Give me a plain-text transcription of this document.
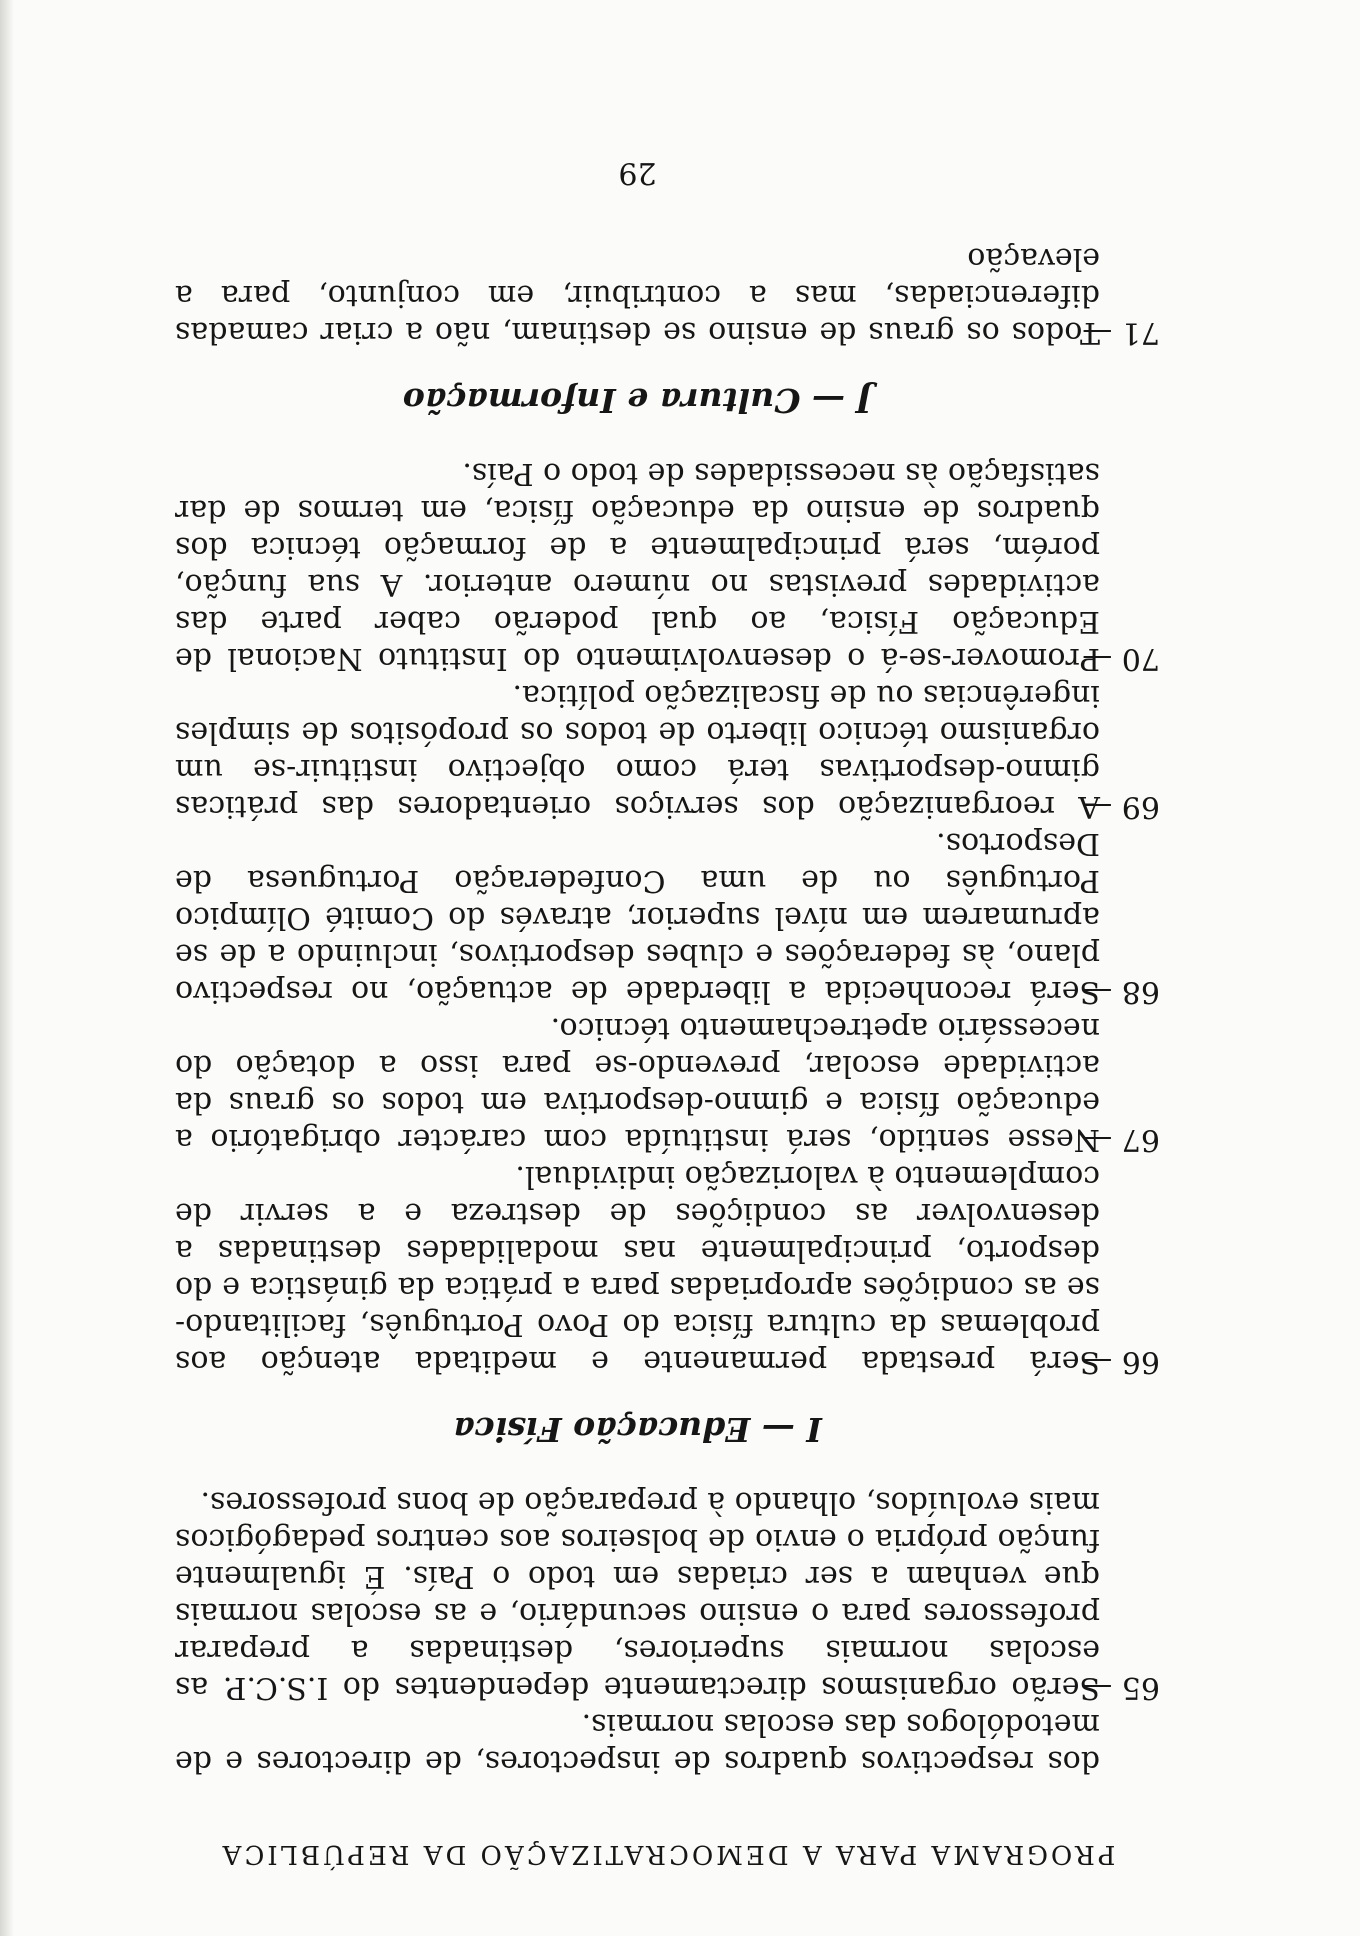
PROGRAMA PARA A DEMOCRATIZAÇÃO DA REPÚBLICA

dos respectivos quadros de inspectores, de directores e de metodólogos das escolas normais.

65 —
Serão organismos directamente dependentes do I.S.C.P. as escolas normais superiores, destinadas a preparar professores para o ensino secundário, e as escolas normais que venham a ser criadas em todo o País. É igualmente função própria o envio de bolseiros aos centros pedagógicos mais evoluídos, olhando à preparação de bons professores.
I — Educação Física
66 —
Será prestada permanente e meditada atenção aos problemas da cultura física do Povo Português, facilitando-se as condições apropriadas para a prática da ginástica e do desporto, principalmente nas modalidades destinadas a desenvolver as condições de destreza e a servir de complemento à valorização individual.
67 —
Nesse sentido, será instituída com carácter obrigatório a educação física e gimno-desportiva em todos os graus da actividade escolar, prevendo-se para isso a dotação do necessário apetrechamento técnico.
68 —
Será reconhecida a liberdade de actuação, no respectivo plano, às federações e clubes desportivos, incluindo a de se aprumarem em nível superior, através do Comité Olímpico Português ou de uma Confederação Portuguesa de Desportos.
69 —
A reorganização dos serviços orientadores das práticas gimno-desportivas terá como objectivo instituir-se um organismo técnico liberto de todos os propósitos de simples ingerências ou de fiscalização política.
70 —
Promover-se-á o desenvolvimento do Instituto Nacional de Educação Física, ao qual poderão caber parte das actividades previstas no número anterior. A sua função, porém, será principalmente a de formação técnica dos quadros de ensino da educação física, em termos de dar satisfação às necessidades de todo o País.
J — Cultura e Informação
71 —
Todos os graus de ensino se destinam, não a criar camadas diferenciadas, mas a contribuir, em conjunto, para a elevação
29
